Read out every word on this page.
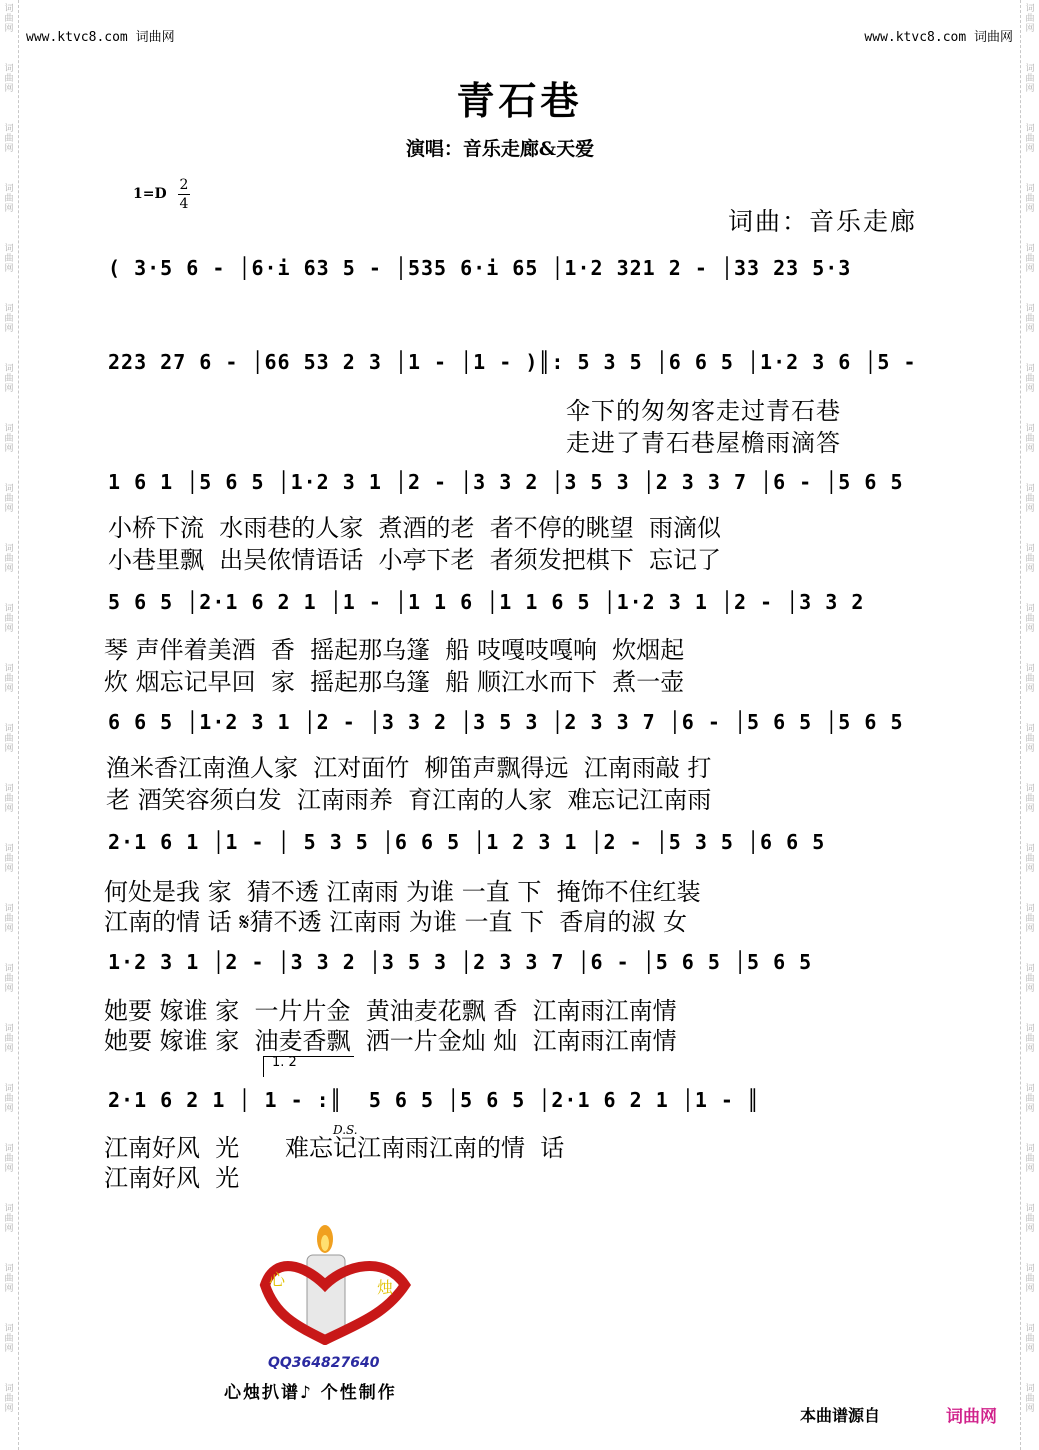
词
曲
网
词
曲
网
词
曲
网
词
曲
网
词
曲
网
词
曲
网
词
曲
网
词
曲
网
词
曲
网
词
曲
网
词
曲
网
词
曲
网
词
曲
网
词
曲
网
词
曲
网
词
曲
网
词
曲
网
词
曲
网
词
曲
网
词
曲
网
词
曲
网
词
曲
网
词
曲
网
词
曲
网
词
曲
网
词
曲
网
词
曲
网
词
曲
网
词
曲
网
词
曲
网
词
曲
网
词
曲
网
词
曲
网
词
曲
网
词
曲
网
词
曲
网
词
曲
网
词
曲
网
词
曲
网
词
曲
网
词
曲
网
词
曲
网
词
曲
网
词
曲
网
词
曲
网
词
曲
网
词
曲
网
词
曲
网
www.ktvc8.com 词曲网	www.ktvc8.com 词曲网
青石巷
演唱：音乐走廊&天爱
1=D
2
4
词曲：音乐走廊
( 3·5 6 - │6·i 63 5 - │535 6·i 65 │1·2 321 2 - │33 23 5·3
223 27 6 - │66 53 2 3 │1 - │1 - )║: 5 3 5 │6 6 5 │1·2 3 6 │5 -
伞下的匆匆客走过青石巷
走进了青石巷屋檐雨滴答
1 6 1 │5 6 5 │1·2 3 1 │2 - │3 3 2 │3 5 3 │2 3 3 7 │6 - │5 6 5
小桥下流  水雨巷的人家  煮酒的老  者不停的眺望  雨滴似
小巷里飘  出吴侬情语话  小亭下老  者须发把棋下  忘记了
5 6 5 │2·1 6 2 1 │1 - │1 1 6 │1 1 6 5 │1·2 3 1 │2 - │3 3 2
琴 声伴着美酒  香  摇起那乌篷  船 吱嘎吱嘎响  炊烟起
炊 烟忘记早回  家  摇起那乌篷  船 顺江水而下  煮一壶
6 6 5 │1·2 3 1 │2 - │3 3 2 │3 5 3 │2 3 3 7 │6 - │5 6 5 │5 6 5
渔米香江南渔人家  江对面竹  柳笛声飘得远  江南雨敲 打
老 酒笑容须白发  江南雨养  育江南的人家  难忘记江南雨
2·1 6 1 │1 - │ 5 3 5 │6 6 5 │1 2 3 1 │2 - │5 3 5 │6 6 5
何处是我 家  猜不透 江南雨 为谁 一直 下  掩饰不住红装
江南的情 话 𝄋猜不透 江南雨 为谁 一直 下  香肩的淑 女
1·2 3 1 │2 - │3 3 2 │3 5 3 │2 3 3 7 │6 - │5 6 5 │5 6 5
她要 嫁谁 家  一片片金  黄油麦花飘 香  江南雨江南情
她要 嫁谁 家  油麦香飘  洒一片金灿 灿  江南雨江南情
1. 2
2·1 6 2 1 │ 1 - :║  5 6 5 │5 6 5 │2·1 6 2 1 │1 - ║
D.S.
江南好风  光      难忘记江南雨江南的情  话
江南好风  光
心	烛
QQ364827640
心烛扒谱♪ 个性制作
本曲谱源自	词曲网
